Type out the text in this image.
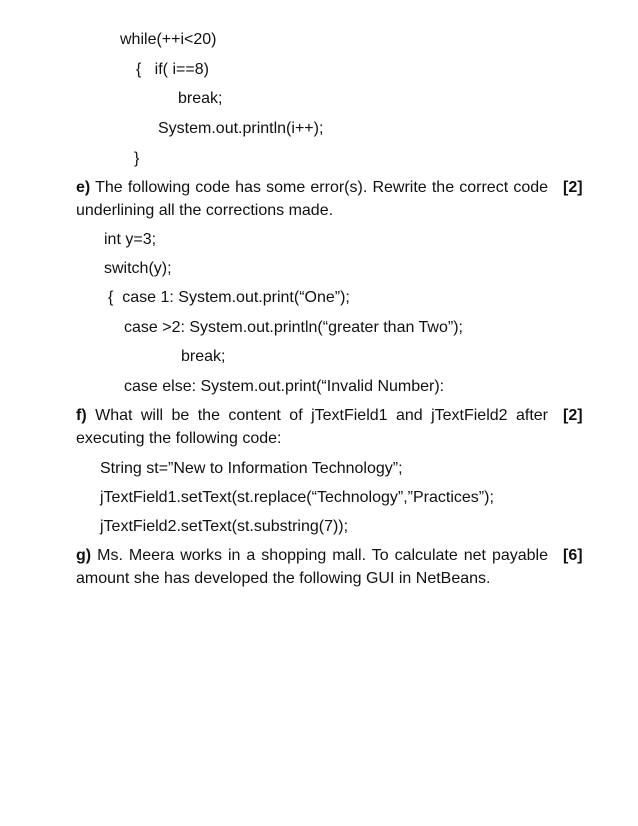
while(++i<20)
{   if( i==8)
break;
System.out.println(i++);
}
e) The following code has some error(s). Rewrite the correct code underlining all the corrections made.
[2]
int y=3;
switch(y);
{  case 1: System.out.print(“One”);
case >2: System.out.println(“greater than Two”);
break;
case else: System.out.print(“Invalid Number):
f) What will be the content of jTextField1 and jTextField2 after executing the following code:
[2]
String st=”New to Information Technology”;
jTextField1.setText(st.replace(“Technology”,”Practices”);
jTextField2.setText(st.substring(7));
g) Ms. Meera works in a shopping mall. To calculate net payable amount she has developed the following GUI in NetBeans.
[6]
